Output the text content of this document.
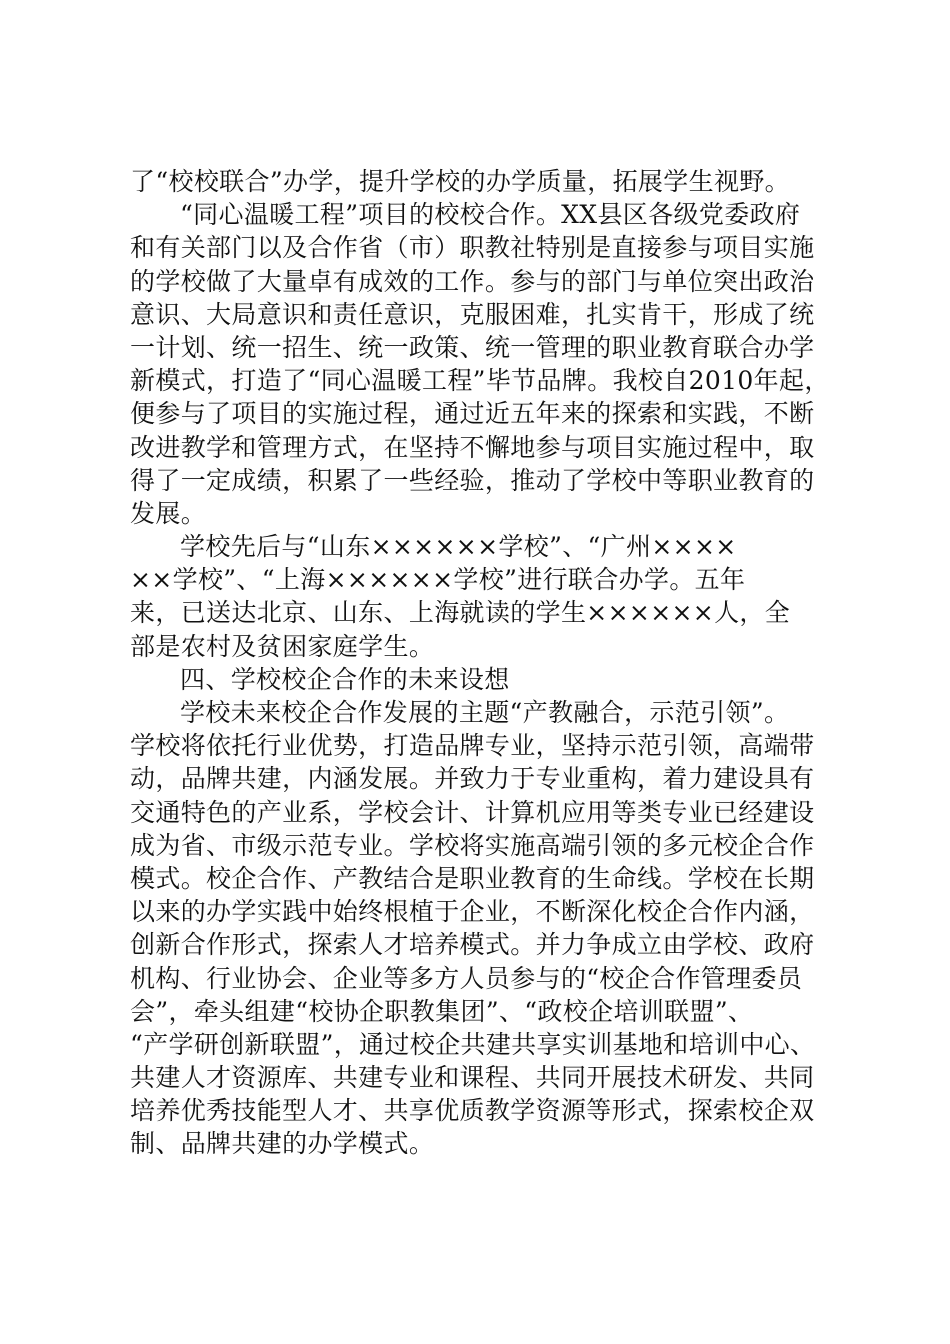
了“校校联合”办学，提升学校的办学质量，拓展学生视野。
“同心温暖工程”项目的校校合作。XX县区各级党委政府
和有关部门以及合作省（市）职教社特别是直接参与项目实施
的学校做了大量卓有成效的工作。参与的部门与单位突出政治
意识、大局意识和责任意识，克服困难，扎实肯干，形成了统
一计划、统一招生、统一政策、统一管理的职业教育联合办学
新模式，打造了“同心温暖工程”毕节品牌。我校自2010年起，
便参与了项目的实施过程，通过近五年来的探索和实践，不断
改进教学和管理方式，在坚持不懈地参与项目实施过程中，取
得了一定成绩，积累了一些经验，推动了学校中等职业教育的
发展。
学校先后与“山东××××××学校”、“广州××××
××学校”、“上海××××××学校”进行联合办学。五年
来，已送达北京、山东、上海就读的学生××××××人，全
部是农村及贫困家庭学生。
四、学校校企合作的未来设想
学校未来校企合作发展的主题“产教融合，示范引领”。
学校将依托行业优势，打造品牌专业，坚持示范引领，高端带
动，品牌共建，内涵发展。并致力于专业重构，着力建设具有
交通特色的产业系，学校会计、计算机应用等类专业已经建设
成为省、市级示范专业。学校将实施高端引领的多元校企合作
模式。校企合作、产教结合是职业教育的生命线。学校在长期
以来的办学实践中始终根植于企业，不断深化校企合作内涵，
创新合作形式，探索人才培养模式。并力争成立由学校、政府
机构、行业协会、企业等多方人员参与的“校企合作管理委员
会”，牵头组建“校协企职教集团”、“政校企培训联盟”、
“产学研创新联盟”，通过校企共建共享实训基地和培训中心、
共建人才资源库、共建专业和课程、共同开展技术研发、共同
培养优秀技能型人才、共享优质教学资源等形式，探索校企双
制、品牌共建的办学模式。
